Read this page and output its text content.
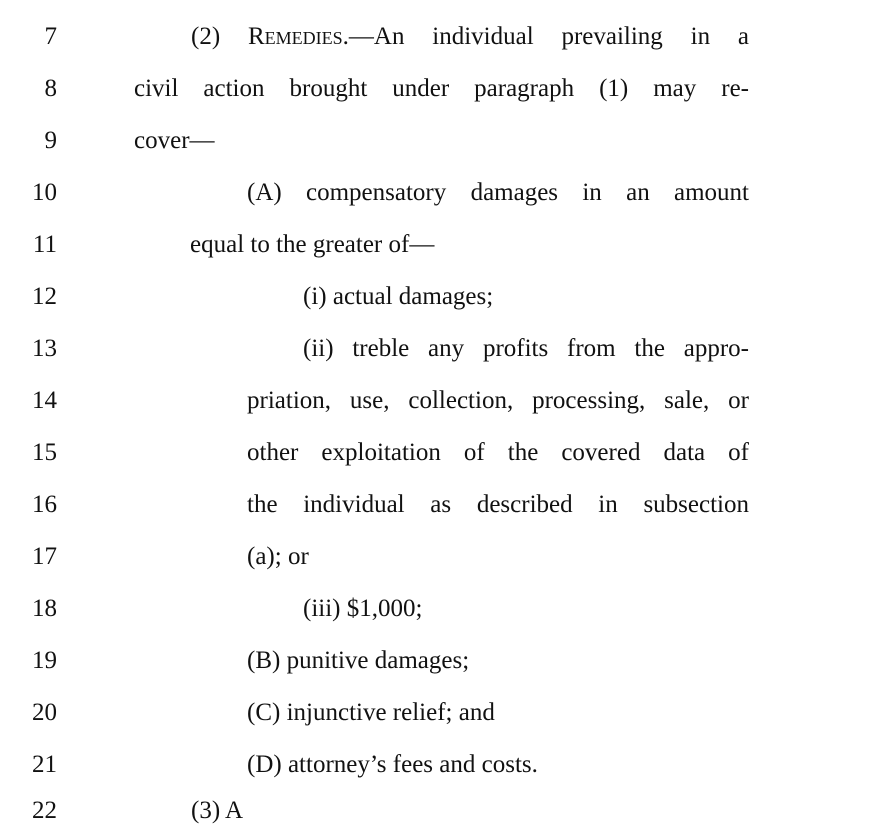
7	(2) Remedies.—An individual prevailing in a
8	civil action brought under paragraph (1) may re-
9	cover—
10	(A) compensatory damages in an amount
11	equal to the greater of—
12	(i) actual damages;
13	(ii) treble any profits from the appro-
14	priation, use, collection, processing, sale, or
15	other exploitation of the covered data of
16	the individual as described in subsection
17	(a); or
18	(iii) $1,000;
19	(B) punitive damages;
20	(C) injunctive relief; and
21	(D) attorney’s fees and costs.
22	(3) A
